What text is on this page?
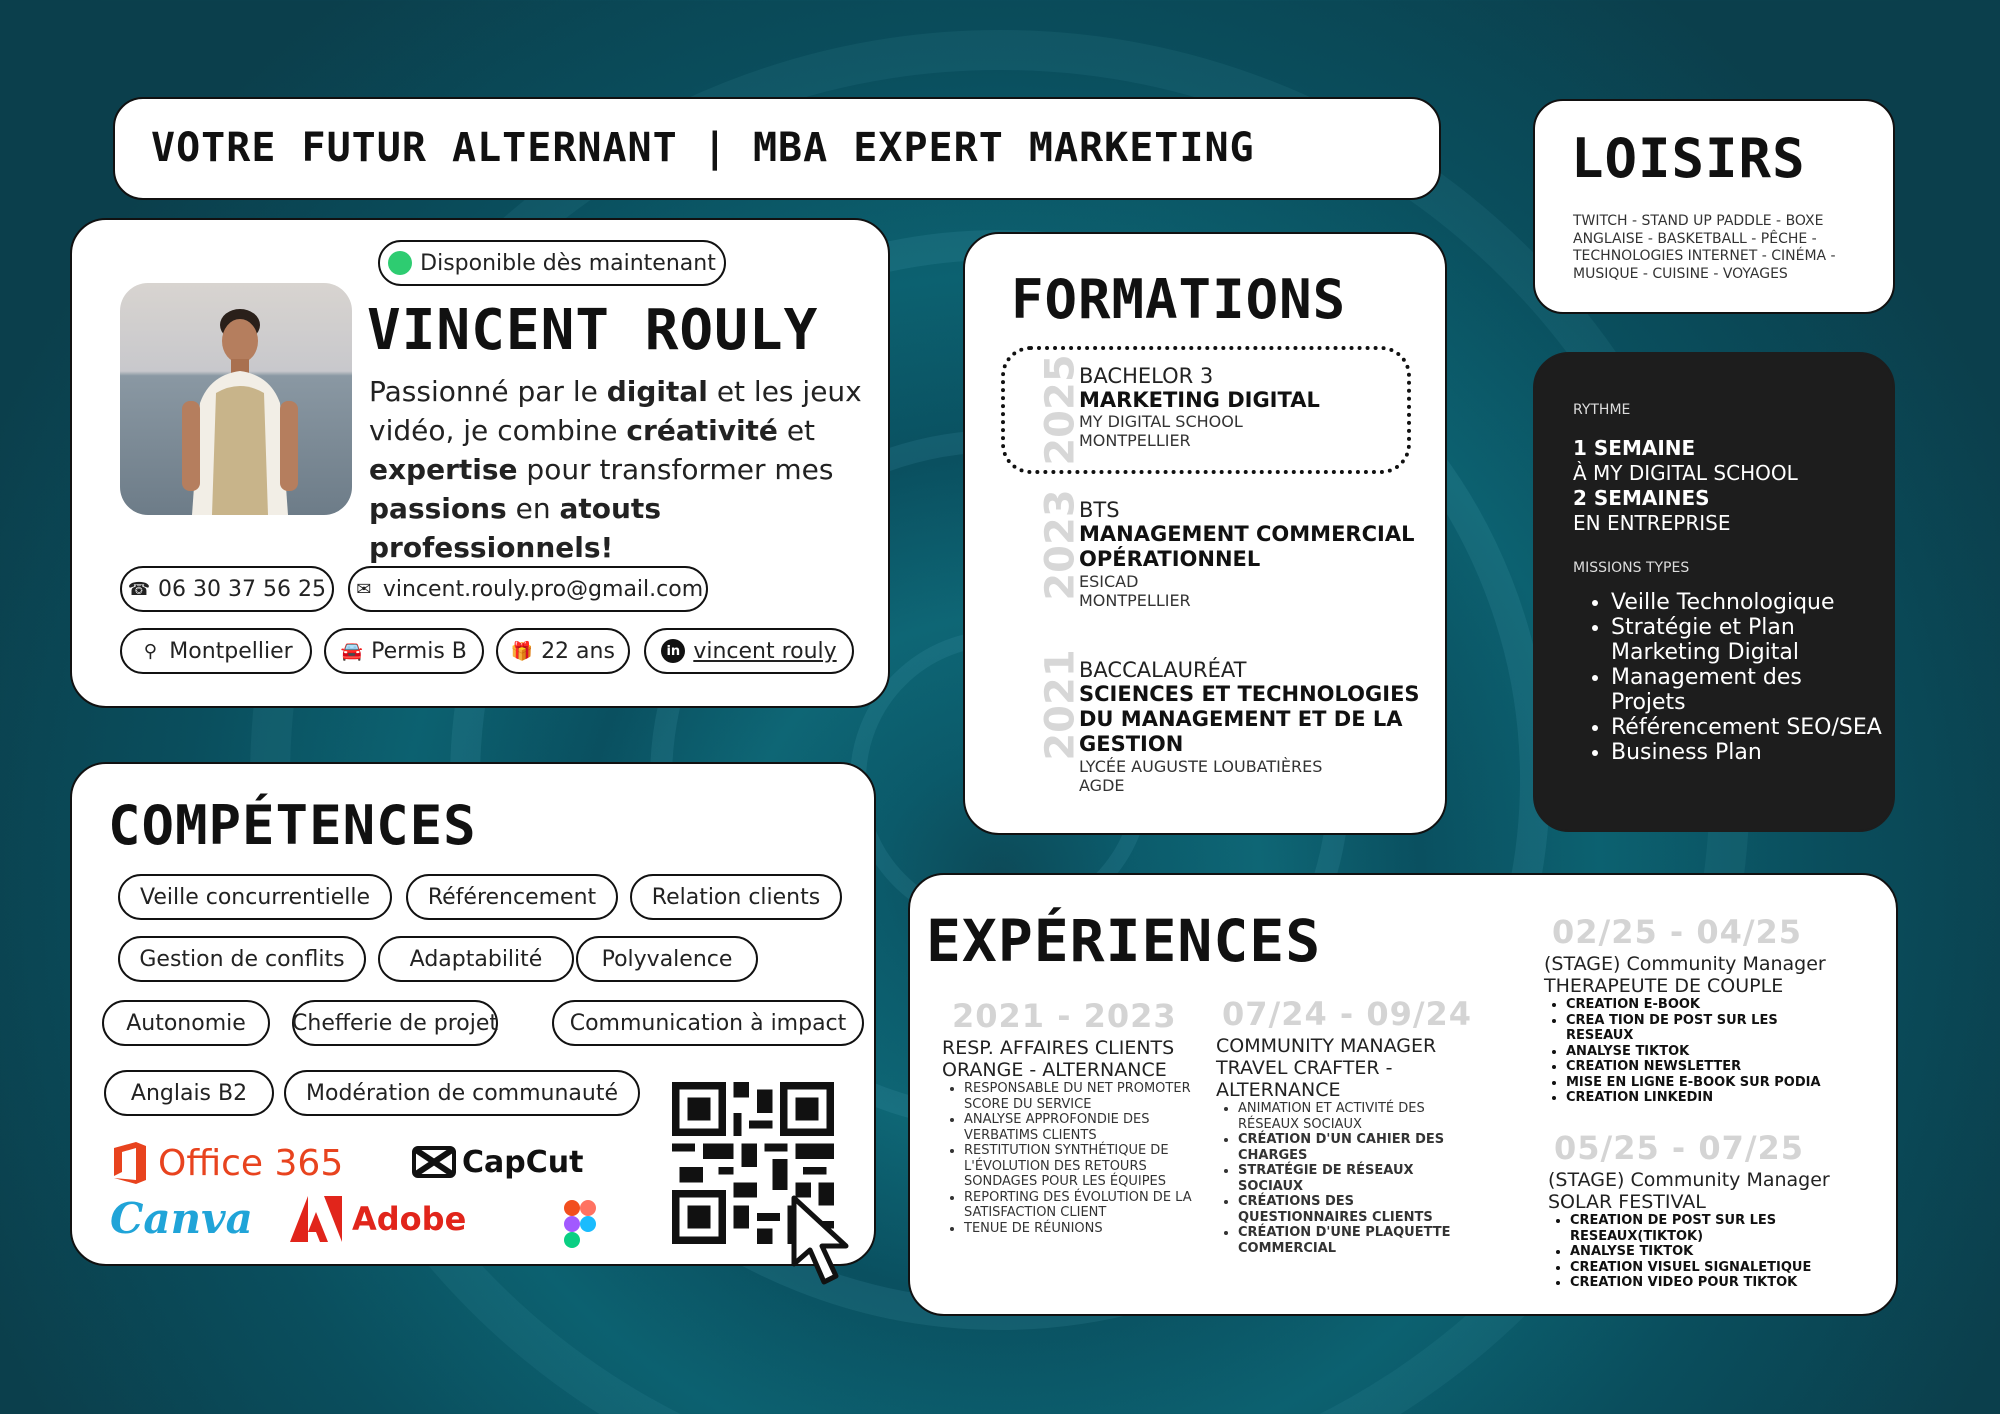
VOTRE FUTUR ALTERNANT | MBA EXPERT MARKETING
Disponible dès maintenant
VINCENT ROULY
Passionné par le digital et les jeux vidéo, je combine créativité et expertise pour transformer mes passions en atouts professionnels!
☎ 06 30 37 56 25 ✉ vincent.rouly.pro@gmail.com
⚲ Montpellier	🚘 Permis B 🎁 22 ans	in vincent rouly
FORMATIONS
2025
BACHELOR 3
MARKETING DIGITAL
MY DIGITAL SCHOOL
MONTPELLIER
2023
BTS
MANAGEMENT COMMERCIAL OPÉRATIONNEL
ESICAD
MONTPELLIER
2021
BACCALAURÉAT
SCIENCES ET TECHNOLOGIES DU MANAGEMENT ET DE LA GESTION
LYCÉE AUGUSTE LOUBATIÈRES
AGDE
LOISIRS
TWITCH - STAND UP PADDLE - BOXE ANGLAISE - BASKETBALL - PÊCHE - TECHNOLOGIES INTERNET - CINÉMA - MUSIQUE - CUISINE - VOYAGES
RYTHME
1 SEMAINE
À MY DIGITAL SCHOOL
2 SEMAINES
EN ENTREPRISE
MISSIONS TYPES
• Veille Technologique
• Stratégie et Plan Marketing Digital
• Management des Projets
• Référencement SEO/SEA
• Business Plan
COMPÉTENCES
Veille concurrentielle	Référencement	Relation clients
Gestion de conflits	Adaptabilité	Polyvalence
Autonomie	Chefferie de projet	Communication à impact
Anglais B2	Modération de communauté
Office 365	CapCut
Canva	Adobe
EXPÉRIENCES
2021 - 2023
RESP. AFFAIRES CLIENTS ORANGE - ALTERNANCE
• RESPONSABLE DU NET PROMOTER SCORE DU SERVICE
• ANALYSE APPROFONDIE DES VERBATIMS CLIENTS
• RESTITUTION SYNTHÉTIQUE DE L'ÉVOLUTION DES RETOURS SONDAGES POUR LES ÉQUIPES
• REPORTING DES ÉVOLUTION DE LA SATISFACTION CLIENT
• TENUE DE RÉUNIONS
07/24 - 09/24
COMMUNITY MANAGER TRAVEL CRAFTER - ALTERNANCE
• ANIMATION ET ACTIVITÉ DES RÉSEAUX SOCIAUX
• CRÉATION D'UN CAHIER DES CHARGES
• STRATÉGIE DE RÉSEAUX SOCIAUX
• CRÉATIONS DES QUESTIONNAIRES CLIENTS
• CRÉATION D'UNE PLAQUETTE COMMERCIAL
02/25 - 04/25
(STAGE) Community Manager
THERAPEUTE DE COUPLE
• CREATION E-BOOK
• CREA TION DE POST SUR LES RESEAUX
• ANALYSE TIKTOK
• CREATION NEWSLETTER
• MISE EN LIGNE E-BOOK SUR PODIA
• CREATION LINKEDIN
05/25 - 07/25
(STAGE) Community Manager
SOLAR FESTIVAL
• CREATION DE POST SUR LES RESEAUX(TIKTOK)
• ANALYSE TIKTOK
• CREATION VISUEL SIGNALETIQUE
• CREATION VIDEO POUR TIKTOK
